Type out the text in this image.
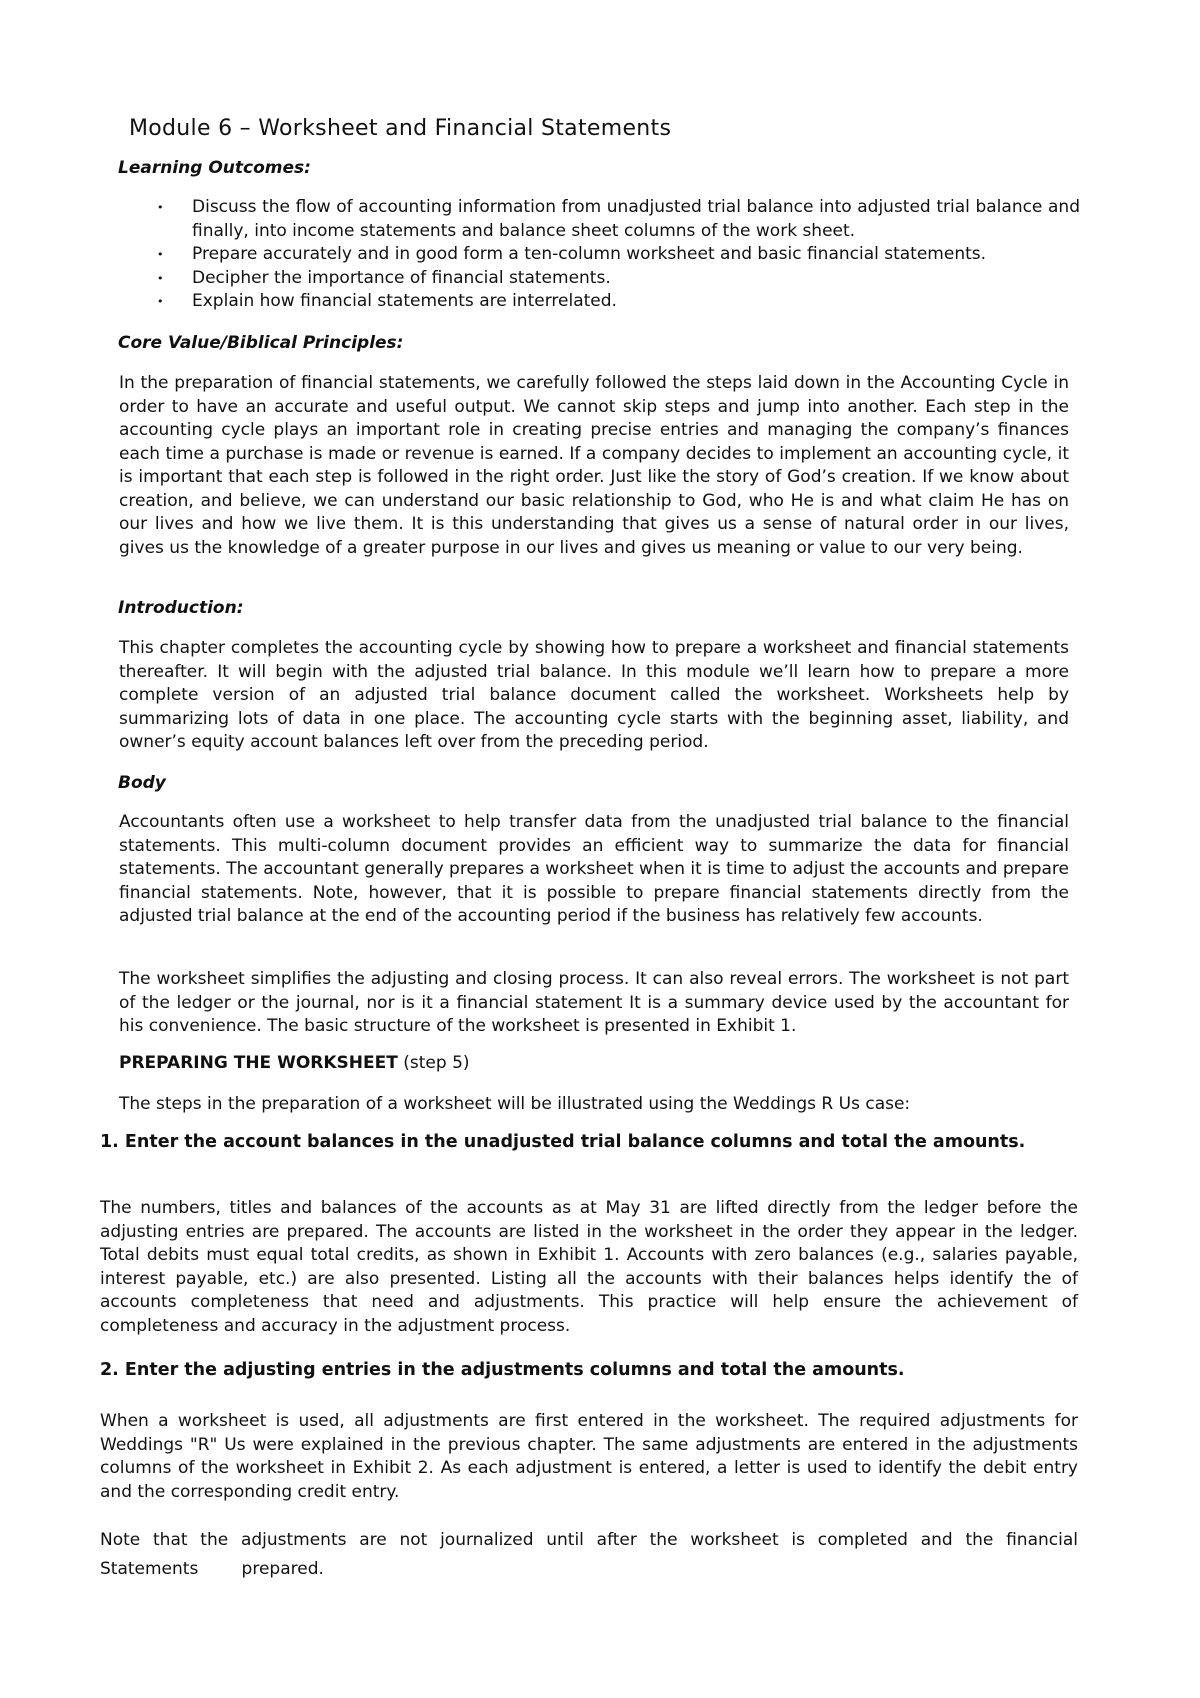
Module 6 – Worksheet and Financial Statements
Learning Outcomes:
• Discuss the flow of accounting information from unadjusted trial balance into adjusted trial balance and finally, into income statements and balance sheet columns of the work sheet.
• Prepare accurately and in good form a ten-column worksheet and basic financial statements.
• Decipher the importance of financial statements.
• Explain how financial statements are interrelated.
Core Value/Biblical Principles:
In the preparation of financial statements, we carefully followed the steps laid down in the Accounting Cycle in order to have an accurate and useful output. We cannot skip steps and jump into another. Each step in the accounting cycle plays an important role in creating precise entries and managing the company’s finances each time a purchase is made or revenue is earned. If a company decides to implement an accounting cycle, it is important that each step is followed in the right order. Just like the story of God’s creation. If we know about creation, and believe, we can understand our basic relationship to God, who He is and what claim He has on our lives and how we live them. It is this understanding that gives us a sense of natural order in our lives, gives us the knowledge of a greater purpose in our lives and gives us meaning or value to our very being.
Introduction:
This chapter completes the accounting cycle by showing how to prepare a worksheet and financial statements thereafter. It will begin with the adjusted trial balance. In this module we’ll learn how to prepare a more complete version of an adjusted trial balance document called the worksheet. Worksheets help by summarizing lots of data in one place. The accounting cycle starts with the beginning asset, liability, and owner’s equity account balances left over from the preceding period.
Body
Accountants often use a worksheet to help transfer data from the unadjusted trial balance to the financial statements. This multi-column document provides an efficient way to summarize the data for financial statements. The accountant generally prepares a worksheet when it is time to adjust the accounts and prepare financial statements. Note, however, that it is possible to prepare financial statements directly from the adjusted trial balance at the end of the accounting period if the business has relatively few accounts.
The worksheet simplifies the adjusting and closing process. It can also reveal errors. The worksheet is not part of the ledger or the journal, nor is it a financial statement It is a summary device used by the accountant for his convenience. The basic structure of the worksheet is presented in Exhibit 1.
PREPARING THE WORKSHEET (step 5)
The steps in the preparation of a worksheet will be illustrated using the Weddings R Us case:
1. Enter the account balances in the unadjusted trial balance columns and total the amounts.
The numbers, titles and balances of the accounts as at May 31 are lifted directly from the ledger before the adjusting entries are prepared. The accounts are listed in the worksheet in the order they appear in the ledger. Total debits must equal total credits, as shown in Exhibit 1. Accounts with zero balances (e.g., salaries payable, interest payable, etc.) are also presented. Listing all the accounts with their balances helps identify the of accounts completeness that need and adjustments. This practice will help ensure the achievement of completeness and accuracy in the adjustment process.
2. Enter the adjusting entries in the adjustments columns and total the amounts.
When a worksheet is used, all adjustments are first entered in the worksheet. The required adjustments for Weddings "R" Us were explained in the previous chapter. The same adjustments are entered in the adjustments columns of the worksheet in Exhibit 2. As each adjustment is entered, a letter is used to identify the debit entry and the corresponding credit entry.
Note that the adjustments are not journalized until after the worksheet is completed and the financial
Statements        prepared.
